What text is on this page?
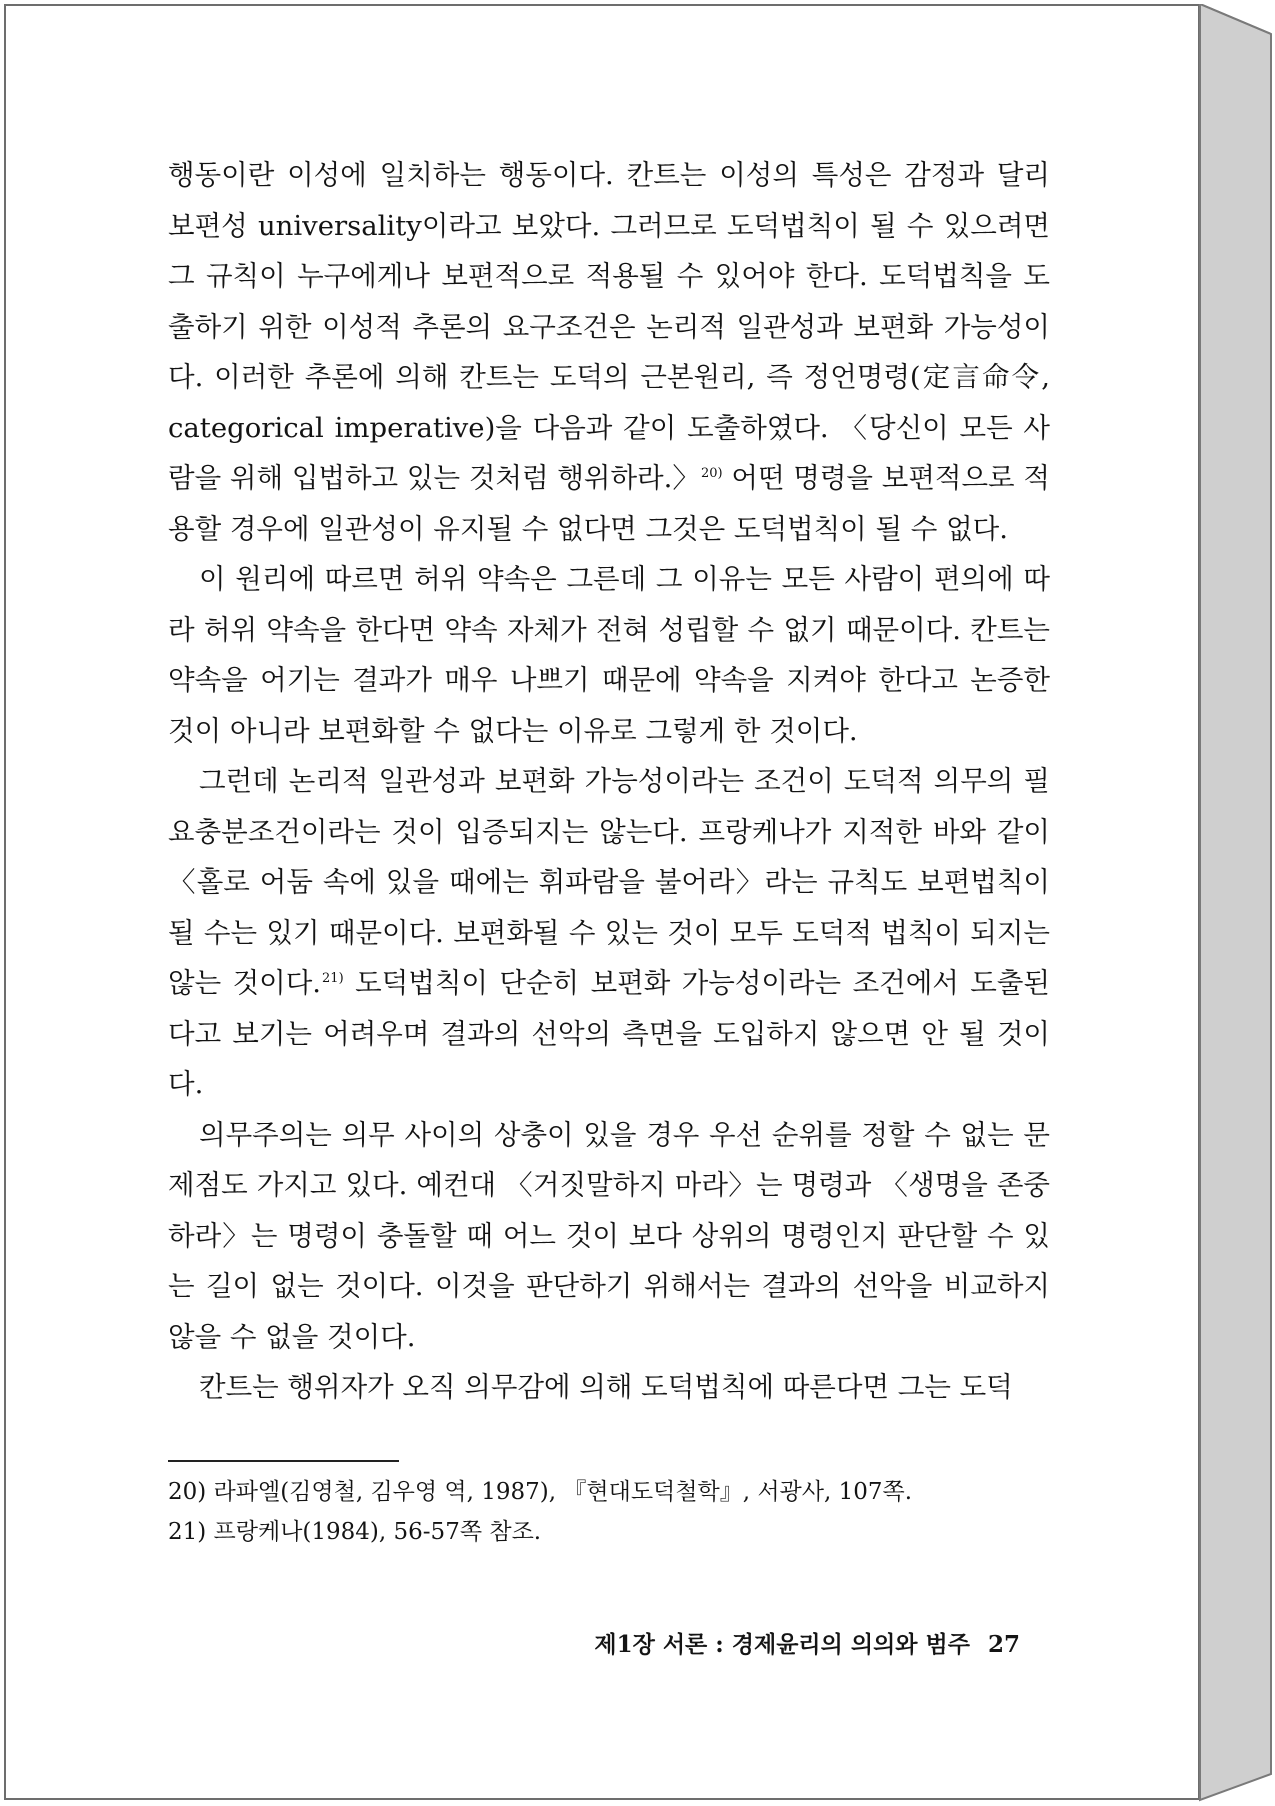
행동이란 이성에 일치하는 행동이다. 칸트는 이성의 특성은 감정과 달리 보편성 universality이라고 보았다. 그러므로 도덕법칙이 될 수 있으려면 그 규칙이 누구에게나 보편적으로 적용될 수 있어야 한다. 도덕법칙을 도출하기 위한 이성적 추론의 요구조건은 논리적 일관성과 보편화 가능성이다. 이러한 추론에 의해 칸트는 도덕의 근본원리, 즉 정언명령(定言命令, categorical imperative)을 다음과 같이 도출하였다. 〈당신이 모든 사람을 위해 입법하고 있는 것처럼 행위하라.〉$^{20)}$ 어떤 명령을 보편적으로 적용할 경우에 일관성이 유지될 수 없다면 그것은 도덕법칙이 될 수 없다.

이 원리에 따르면 허위 약속은 그른데 그 이유는 모든 사람이 편의에 따라 허위 약속을 한다면 약속 자체가 전혀 성립할 수 없기 때문이다. 칸트는 약속을 어기는 결과가 매우 나쁘기 때문에 약속을 지켜야 한다고 논증한 것이 아니라 보편화할 수 없다는 이유로 그렇게 한 것이다.

그런데 논리적 일관성과 보편화 가능성이라는 조건이 도덕적 의무의 필요충분조건이라는 것이 입증되지는 않는다. 프랑케나가 지적한 바와 같이 〈홀로 어둠 속에 있을 때에는 휘파람을 불어라〉라는 규칙도 보편법칙이 될 수는 있기 때문이다. 보편화될 수 있는 것이 모두 도덕적 법칙이 되지는 않는 것이다.$^{21)}$ 도덕법칙이 단순히 보편화 가능성이라는 조건에서 도출된다고 보기는 어려우며 결과의 선악의 측면을 도입하지 않으면 안 될 것이다.

의무주의는 의무 사이의 상충이 있을 경우 우선 순위를 정할 수 없는 문제점도 가지고 있다. 예컨대 〈거짓말하지 마라〉는 명령과 〈생명을 존중하라〉는 명령이 충돌할 때 어느 것이 보다 상위의 명령인지 판단할 수 있는 길이 없는 것이다. 이것을 판단하기 위해서는 결과의 선악을 비교하지 않을 수 없을 것이다.

칸트는 행위자가 오직 의무감에 의해 도덕법칙에 따른다면 그는 도덕

20) 라파엘(김영철, 김우영 역, 1987), 『현대도덕철학』, 서광사, 107쪽.

21) 프랑케나(1984), 56-57쪽 참조.

제1장 서론 : 경제윤리의 의의와 범주 27
